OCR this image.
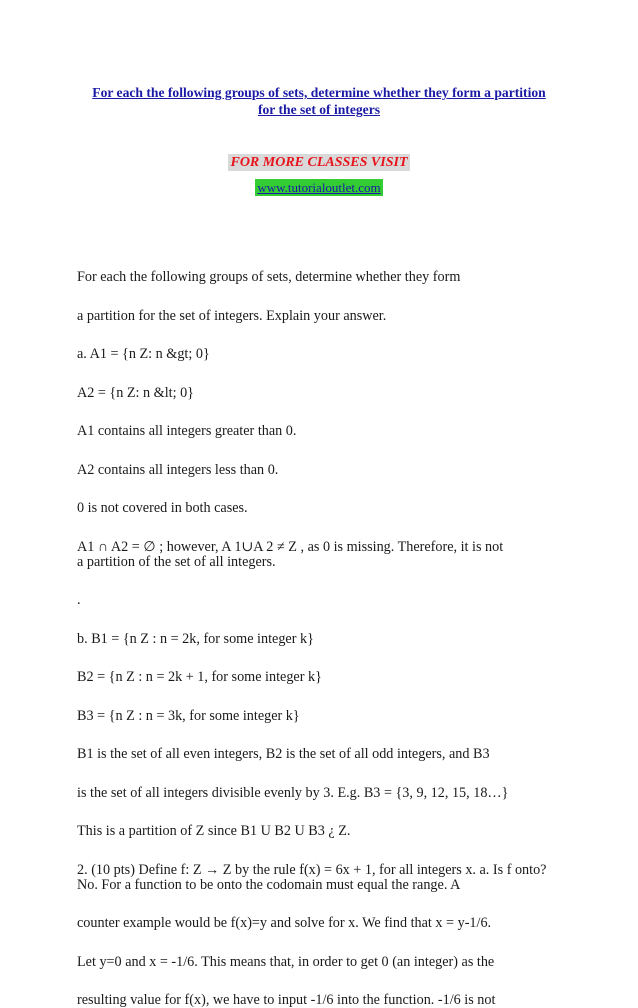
For each the following groups of sets, determine whether they form a partition
for the set of integers
FOR MORE CLASSES VISIT
www.tutorialoutlet.com
For each the following groups of sets, determine whether they form
a partition for the set of integers. Explain your answer.
a. A1 = {n Z: n &gt; 0}
A2 = {n Z: n &lt; 0}
A1 contains all integers greater than 0.
A2 contains all integers less than 0.
0 is not covered in both cases.
A1 ∩ A2 = ∅ ; however, A 1∪A 2 ≠ Z , as 0 is missing. Therefore, it is not
a partition of the set of all integers.
.
b. B1 = {n Z : n = 2k, for some integer k}
B2 = {n Z : n = 2k + 1, for some integer k}
B3 = {n Z : n = 3k, for some integer k}
B1 is the set of all even integers, B2 is the set of all odd integers, and B3
is the set of all integers divisible evenly by 3. E.g. B3 = {3, 9, 12, 15, 18…}
This is a partition of Z since B1 U B2 U B3 ¿ Z.
2. (10 pts) Define f: Z → Z by the rule f(x) = 6x + 1, for all integers x. a. Is f onto?
No. For a function to be onto the codomain must equal the range. A
counter example would be f(x)=y and solve for x. We find that x = y-1/6.
Let y=0 and x = -1/6. This means that, in order to get 0 (an integer) as the
resulting value for f(x), we have to input -1/6 into the function. -1/6 is not
